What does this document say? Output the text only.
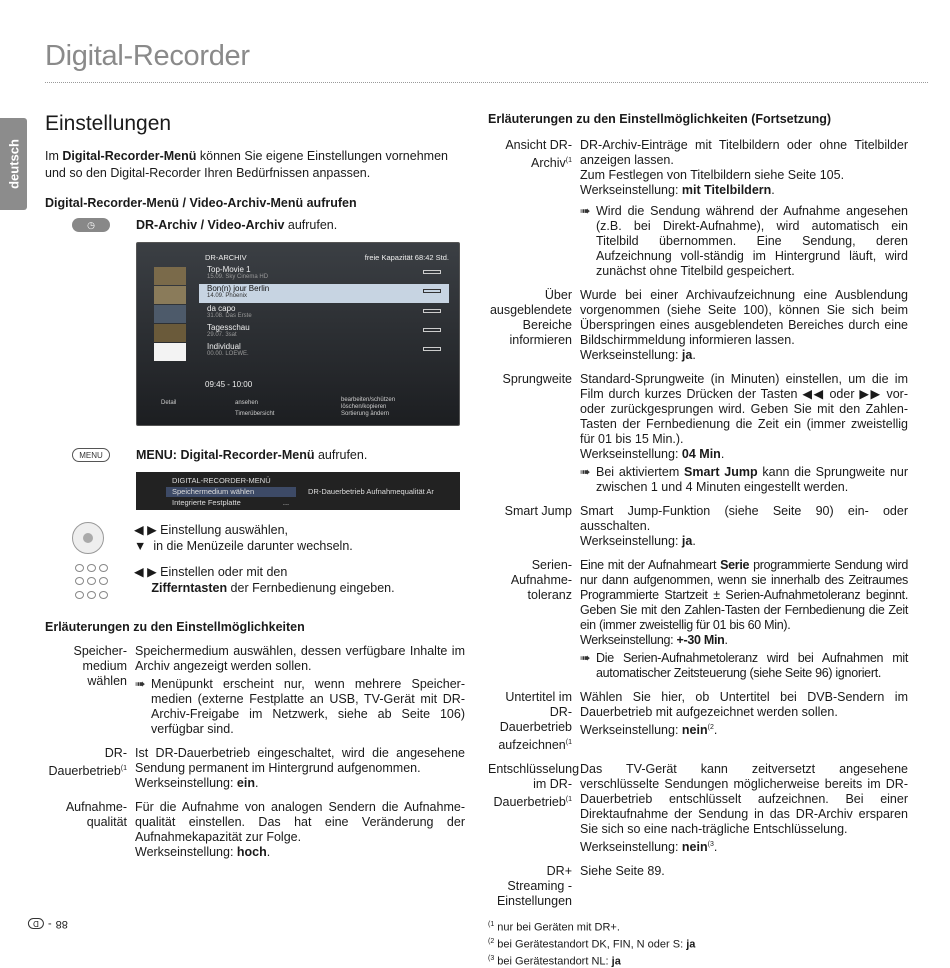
Digital-Recorder
deutsch
Einstellungen

Im Digital-Recorder-Menü können Sie eigene Einstellungen vornehmen und so den Digital-Recorder Ihren Bedürfnissen anpassen.

Digital-Recorder-Menü / Video-Archiv-Menü aufrufen
◷	DR-Archiv / Video-Archiv aufrufen.
DR-ARCHIV	freie Kapazität 68:42 Std.
Top-Movie 1
15.09. Sky Cinema HD
Bon(n) jour Berlin
14.09. Phoenix
da capo
31.08. Das Erste
Tagesschau
29.07. 3sat
Individual
00.00. LOEWE.
09:45 - 10:00
Detail	ansehen
Timerübersicht
bearbeiten/schützen
löschen/kopieren
Sortierung ändern
MENU	MENU: Digital-Recorder-Menü aufrufen.
DIGITAL-RECORDER-MENÜ
Speichermedium wählen	DR-Dauerbetrieb Aufnahmequalität Ar
Integrierte Festplatte	...
◀ ▶ Einstellung auswählen,
▼  in die Menüzeile darunter wechseln.
◀ ▶ Einstellen oder mit den
Zifferntasten der Fernbedienung eingeben.
Erläuterungen zu den Einstellmöglichkeiten
Speicher-medium wählen
Speichermedium auswählen, dessen verfügbare Inhalte im Archiv angezeigt werden sollen.
➠ Menüpunkt erscheint nur, wenn mehrere Speicher-medien (externe Festplatte an USB, TV-Gerät mit DR-Archiv-Freigabe im Netzwerk, siehe ab Seite 106) verfügbar sind.
DR-Dauerbetrieb$^{(1}$
Ist DR-Dauerbetrieb eingeschaltet, wird die angesehene Sendung permanent im Hintergrund aufgenommen.
Werkseinstellung: ein.
Aufnahme-qualität
Für die Aufnahme von analogen Sendern die Aufnahme-qualität einstellen. Das hat eine Veränderung der Aufnahmekapazität zur Folge.
Werkseinstellung: hoch.
Erläuterungen zu den Einstellmöglichkeiten (Fortsetzung)
Ansicht DR-Archiv$^{(1}$
DR-Archiv-Einträge mit Titelbildern oder ohne Titelbilder anzeigen lassen.
Zum Festlegen von Titelbildern siehe Seite 105.
Werkseinstellung: mit Titelbildern.
➠ Wird die Sendung während der Aufnahme angesehen (z.B. bei Direkt-Aufnahme), wird automatisch ein Titelbild übernommen. Eine Sendung, deren Aufzeichnung voll-ständig im Hintergrund läuft, wird zunächst ohne Titelbild gespeichert.
Über ausgeblendete Bereiche informieren
Wurde bei einer Archivaufzeichnung eine Ausblendung vorgenommen (siehe Seite 100), können Sie sich beim Überspringen eines ausgeblendeten Bereiches durch eine Bildschirmmeldung informieren lassen.
Werkseinstellung: ja.
Sprungweite Standard-Sprungweite (in Minuten) einstellen, um die im Film durch kurzes Drücken der Tasten ◀◀ oder ▶▶ vor- oder zurückgesprungen wird. Geben Sie mit den Zahlen-Tasten der Fernbedienung die Zeit ein (immer zweistellig für 01 bis 15 Min.).
Werkseinstellung: 04 Min.
➠ Bei aktiviertem Smart Jump kann die Sprungweite nur zwischen 1 und 4 Minuten eingestellt werden.
Smart Jump Smart Jump-Funktion (siehe Seite 90) ein- oder ausschalten.
Werkseinstellung: ja.
Serien-Aufnahme-toleranz
Eine mit der Aufnahmeart Serie programmierte Sendung wird nur dann aufgenommen, wenn sie innerhalb des Zeitraumes Programmierte Startzeit ± Serien-Aufnahmetoleranz beginnt. Geben Sie mit den Zahlen-Tasten der Fernbedienung die Zeit ein (immer zweistellig für 01 bis 60 Min).
Werkseinstellung: +-30 Min.
➠ Die Serien-Aufnahmetoleranz wird bei Aufnahmen mit automatischer Zeitsteuerung (siehe Seite 96) ignoriert.
Untertitel im DR-Dauerbetrieb aufzeichnen$^{(1}$
Wählen Sie hier, ob Untertitel bei DVB-Sendern im Dauerbetrieb mit aufgezeichnet werden sollen.
Werkseinstellung: nein$^{(2}$.
Entschlüsselung im DR-Dauerbetrieb$^{(1}$
Das TV-Gerät kann zeitversetzt angesehene verschlüsselte Sendungen möglicherweise bereits im DR-Dauerbetrieb entschlüsselt aufzeichnen. Bei einer Direktaufnahme der Sendung in das DR-Archiv ersparen Sie sich so eine nach-trägliche Entschlüsselung.
Werkseinstellung: nein$^{(3}$.
DR+ Streaming - Einstellungen
Siehe Seite 89.
$^{(1}$ nur bei Geräten mit DR+.
$^{(2}$ bei Gerätestandort DK, FIN, N oder S: ja
$^{(3}$ bei Gerätestandort NL: ja
88
-
D
